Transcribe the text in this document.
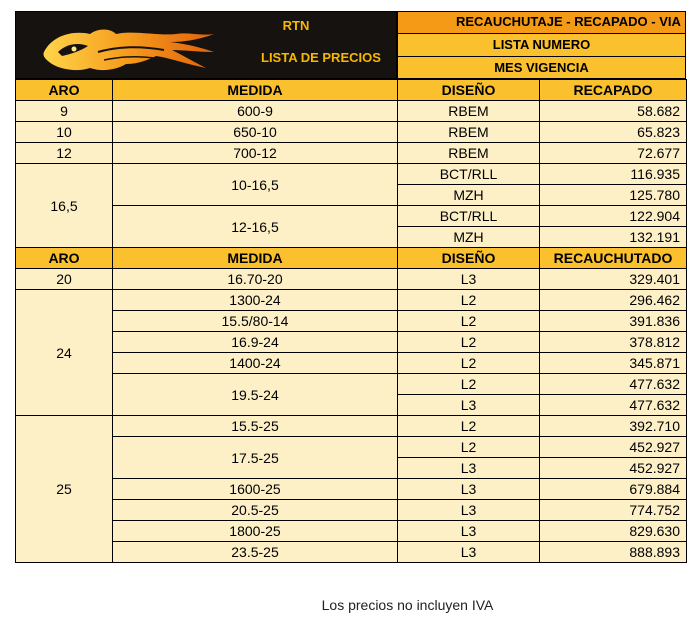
RTN
LISTA DE PRECIOS
RECAUCHUTAJE - RECAPADO - VIA
LISTA NUMERO
MES VIGENCIA
ARO	MEDIDA	DISEÑO	RECAPADO
9	600-9	RBEM	58.682
10	650-10	RBEM	65.823
12	700-12	RBEM	72.677
16,5	10-16,5	BCT/RLL	116.935
		MZH	125.780
	12-16,5	BCT/RLL	122.904
		MZH	132.191
ARO	MEDIDA	DISEÑO	RECAUCHUTADO
20	16.70-20	L3	329.401
24	1300-24	L2	296.462
	15.5/80-14	L2	391.836
	16.9-24	L2	378.812
	1400-24	L2	345.871
	19.5-24	L2	477.632
		L3	477.632
25	15.5-25	L2	392.710
	17.5-25	L2	452.927
		L3	452.927
	1600-25	L3	679.884
	20.5-25	L3	774.752
	1800-25	L3	829.630
	23.5-25	L3	888.893
Los precios no incluyen IVA
